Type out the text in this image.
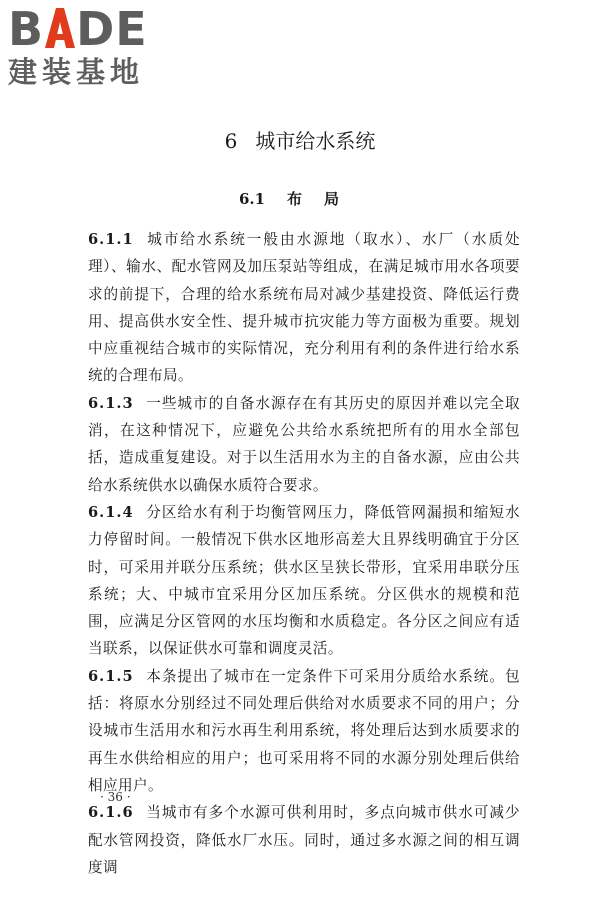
B DE
建装基地
6 城市给水系统
6.1 布局

6.1.1 城市给水系统一般由水源地（取水）、水厂（水质处理）、输水、配水管网及加压泵站等组成，在满足城市用水各项要求的前提下，合理的给水系统布局对减少基建投资、降低运行费用、提高供水安全性、提升城市抗灾能力等方面极为重要。规划中应重视结合城市的实际情况，充分利用有利的条件进行给水系统的合理布局。

6.1.3 一些城市的自备水源存在有其历史的原因并难以完全取消，在这种情况下，应避免公共给水系统把所有的用水全部包括，造成重复建设。对于以生活用水为主的自备水源，应由公共给水系统供水以确保水质符合要求。

6.1.4 分区给水有利于均衡管网压力，降低管网漏损和缩短水力停留时间。一般情况下供水区地形高差大且界线明确宜于分区时，可采用并联分压系统；供水区呈狭长带形，宜采用串联分压系统；大、中城市宜采用分区加压系统。分区供水的规模和范围，应满足分区管网的水压均衡和水质稳定。各分区之间应有适当联系，以保证供水可靠和调度灵活。

6.1.5 本条提出了城市在一定条件下可采用分质给水系统。包括：将原水分别经过不同处理后供给对水质要求不同的用户；分设城市生活用水和污水再生利用系统，将处理后达到水质要求的再生水供给相应的用户；也可采用将不同的水源分别处理后供给相应用户。

6.1.6 当城市有多个水源可供利用时，多点向城市供水可减少配水管网投资，降低水厂水压。同时，通过多水源之间的相互调度调

· 36 ·
